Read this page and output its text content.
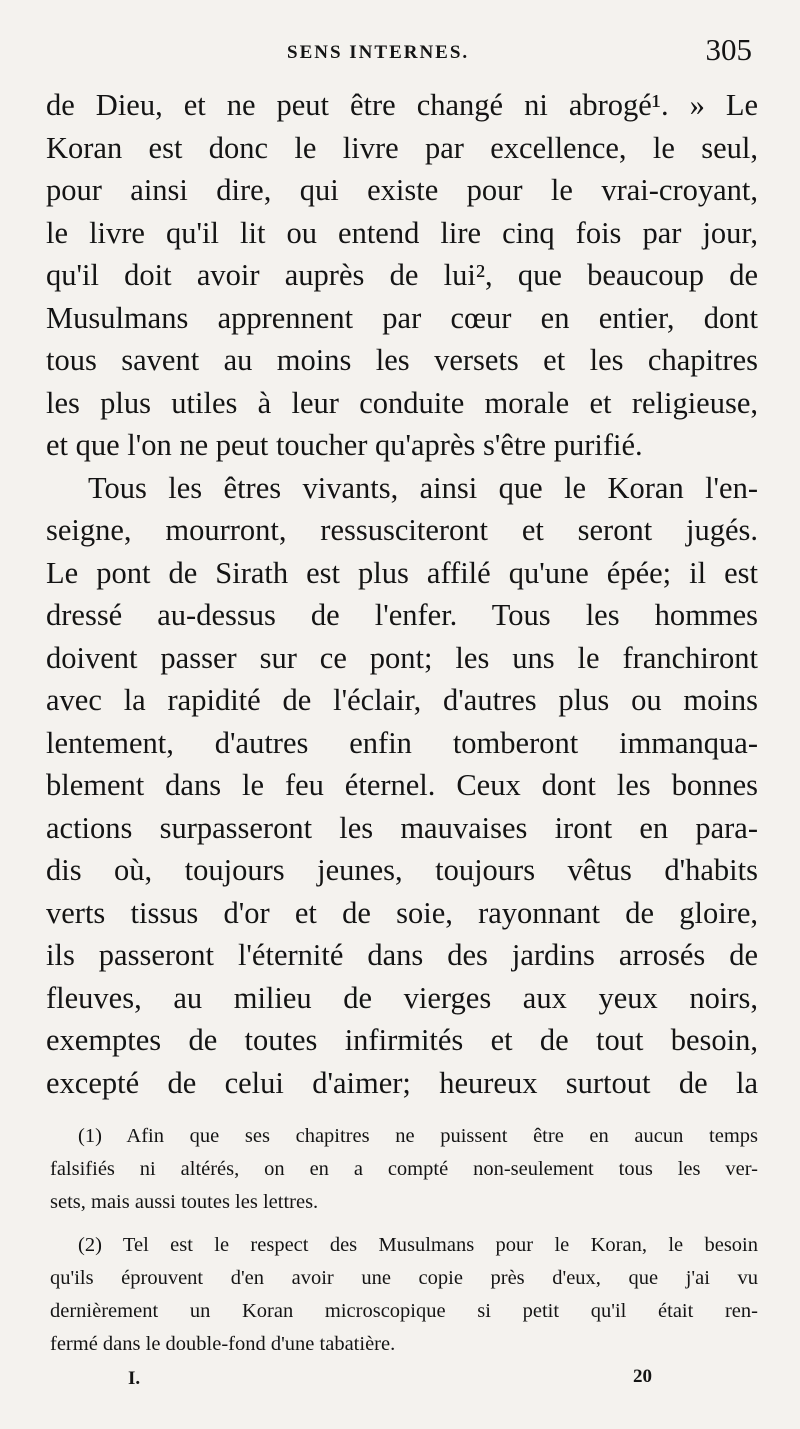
SENS INTERNES.	305
de Dieu, et ne peut être changé ni abrogé¹. » Le
Koran est donc le livre par excellence, le seul,
pour ainsi dire, qui existe pour le vrai-croyant,
le livre qu'il lit ou entend lire cinq fois par jour,
qu'il doit avoir auprès de lui², que beaucoup de
Musulmans apprennent par cœur en entier, dont
tous savent au moins les versets et les chapitres
les plus utiles à leur conduite morale et religieuse,
et que l'on ne peut toucher qu'après s'être purifié.
Tous les êtres vivants, ainsi que le Koran l'en-
seigne, mourront, ressusciteront et seront jugés.
Le pont de Sirath est plus affilé qu'une épée; il est
dressé au-dessus de l'enfer. Tous les hommes
doivent passer sur ce pont; les uns le franchiront
avec la rapidité de l'éclair, d'autres plus ou moins
lentement, d'autres enfin tomberont immanqua-
blement dans le feu éternel. Ceux dont les bonnes
actions surpasseront les mauvaises iront en para-
dis où, toujours jeunes, toujours vêtus d'habits
verts tissus d'or et de soie, rayonnant de gloire,
ils passeront l'éternité dans des jardins arrosés de
fleuves, au milieu de vierges aux yeux noirs,
exemptes de toutes infirmités et de tout besoin,
excepté de celui d'aimer; heureux surtout de la
(1) Afin que ses chapitres ne puissent être en aucun temps
falsifiés ni altérés, on en a compté non-seulement tous les ver-
sets, mais aussi toutes les lettres.
(2) Tel est le respect des Musulmans pour le Koran, le besoin
qu'ils éprouvent d'en avoir une copie près d'eux, que j'ai vu
dernièrement un Koran microscopique si petit qu'il était ren-
fermé dans le double-fond d'une tabatière.
I.	20
